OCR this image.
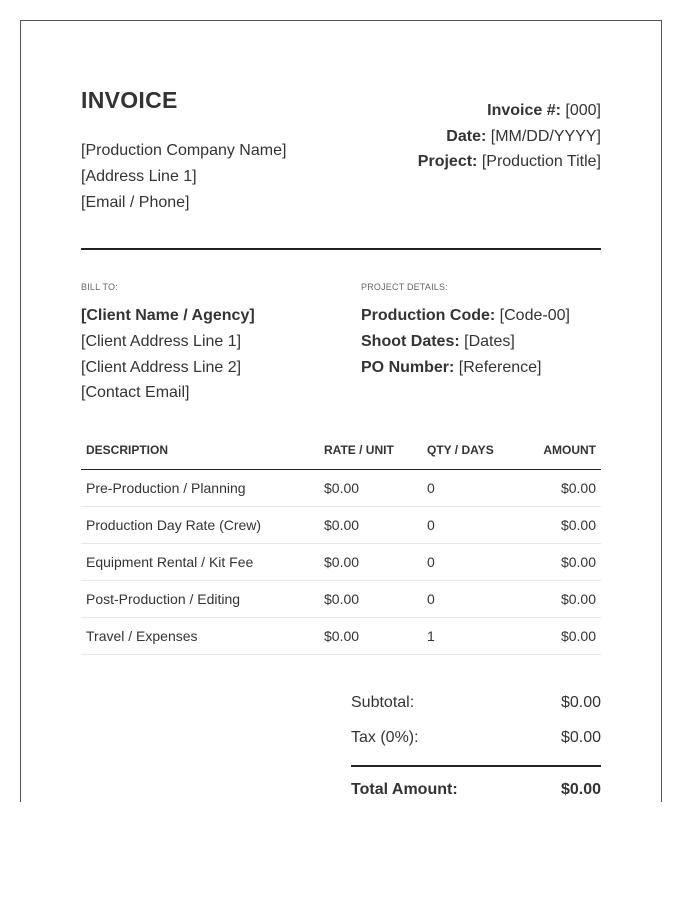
INVOICE
[Production Company Name]
[Address Line 1]
[Email / Phone]
Invoice #: [000]
Date: [MM/DD/YYYY]
Project: [Production Title]
BILL TO:
[Client Name / Agency]
[Client Address Line 1]
[Client Address Line 2]
[Contact Email]
PROJECT DETAILS:
Production Code: [Code-00]
Shoot Dates: [Dates]
PO Number: [Reference]
DESCRIPTION	RATE / UNIT	QTY / DAYS	AMOUNT
Pre-Production / Planning	$0.00	0	$0.00
Production Day Rate (Crew)	$0.00	0	$0.00
Equipment Rental / Kit Fee	$0.00	0	$0.00
Post-Production / Editing	$0.00	0	$0.00
Travel / Expenses	$0.00	1	$0.00
Subtotal:	$0.00
Tax (0%):	$0.00
Total Amount:	$0.00
